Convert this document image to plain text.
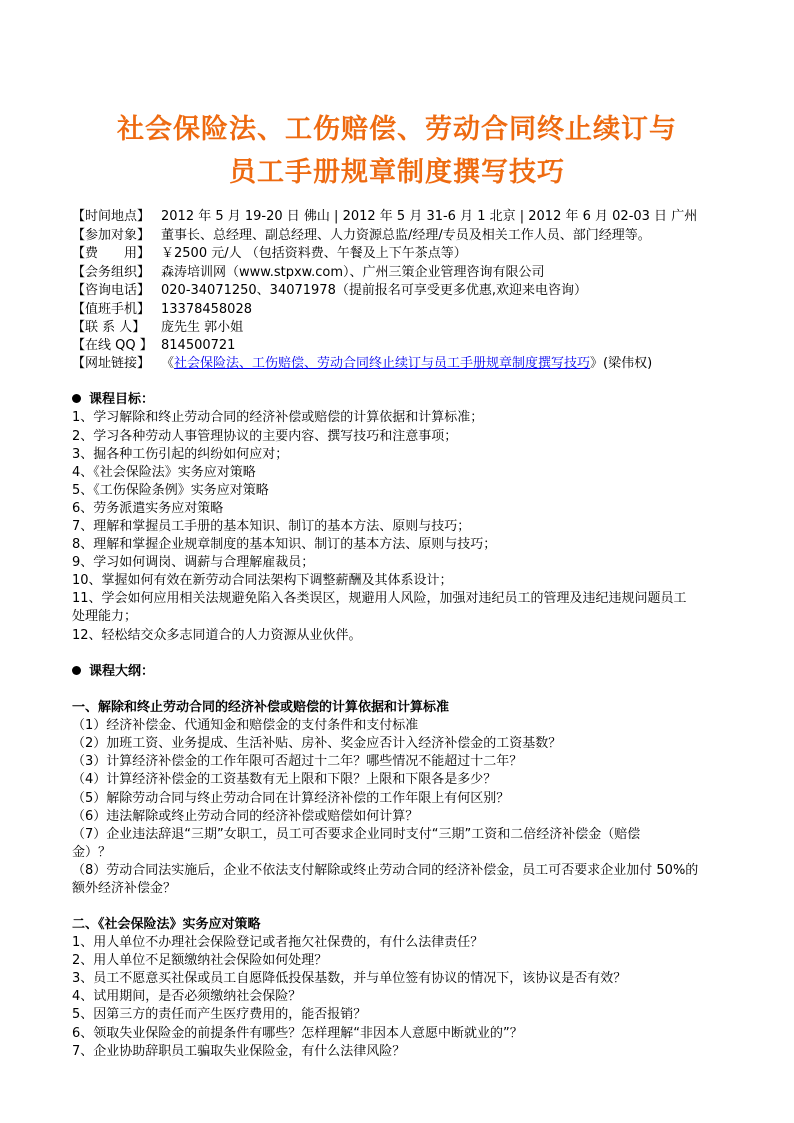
社会保险法、工伤赔偿、劳动合同终止续订与
员工手册规章制度撰写技巧
【时间地点】 2012 年 5 月 19-20 日 佛山 | 2012 年 5 月 31-6 月 1 北京 | 2012 年 6 月 02-03 日 广州
【参加对象】 董事长、总经理、副总经理、人力资源总监/经理/专员及相关工作人员、部门经理等。
【费　　用】 ￥2500 元/人 （包括资料费、午餐及上下午茶点等）
【会务组织】 森涛培训网（www.stpxw.com）、广州三策企业管理咨询有限公司
【咨询电话】 020-34071250、34071978（提前报名可享受更多优惠,欢迎来电咨询）
【值班手机】 13378458028
【联 系 人】 庞先生 郭小姐
【在线 QQ 】 814500721
【网址链接】 《社会保险法、工伤赔偿、劳动合同终止续订与员工手册规章制度撰写技巧》(梁伟权)
课程目标：
1、学习解除和终止劳动合同的经济补偿或赔偿的计算依据和计算标准；
2、学习各种劳动人事管理协议的主要内容、撰写技巧和注意事项；
3、掘各种工伤引起的纠纷如何应对；
4、《社会保险法》实务应对策略
5、《工伤保险条例》实务应对策略
6、劳务派遣实务应对策略
7、理解和掌握员工手册的基本知识、制订的基本方法、原则与技巧；
8、理解和掌握企业规章制度的基本知识、制订的基本方法、原则与技巧；
9、学习如何调岗、调薪与合理解雇裁员；
10、掌握如何有效在新劳动合同法架构下调整薪酬及其体系设计；
11、学会如何应用相关法规避免陷入各类误区，规避用人风险，加强对违纪员工的管理及违纪违规问题员工
处理能力；
12、轻松结交众多志同道合的人力资源从业伙伴。
课程大纲：
一、解除和终止劳动合同的经济补偿或赔偿的计算依据和计算标准
（1）经济补偿金、代通知金和赔偿金的支付条件和支付标准
（2）加班工资、业务提成、生活补贴、房补、奖金应否计入经济补偿金的工资基数？
（3）计算经济补偿金的工作年限可否超过十二年？哪些情况不能超过十二年？
（4）计算经济补偿金的工资基数有无上限和下限？上限和下限各是多少？
（5）解除劳动合同与终止劳动合同在计算经济补偿的工作年限上有何区别？
（6）违法解除或终止劳动合同的经济补偿或赔偿如何计算？
（7）企业违法辞退“三期”女职工，员工可否要求企业同时支付“三期”工资和二倍经济补偿金（赔偿
金）？
（8）劳动合同法实施后，企业不依法支付解除或终止劳动合同的经济补偿金，员工可否要求企业加付 50%的
额外经济补偿金？
二、《社会保险法》实务应对策略
1、用人单位不办理社会保险登记或者拖欠社保费的，有什么法律责任？
2、用人单位不足额缴纳社会保险如何处理？
3、员工不愿意买社保或员工自愿降低投保基数，并与单位签有协议的情况下，该协议是否有效？
4、试用期间，是否必须缴纳社会保险？
5、因第三方的责任而产生医疗费用的，能否报销？
6、领取失业保险金的前提条件有哪些？怎样理解“非因本人意愿中断就业的”？
7、企业协助辞职员工骗取失业保险金，有什么法律风险？
